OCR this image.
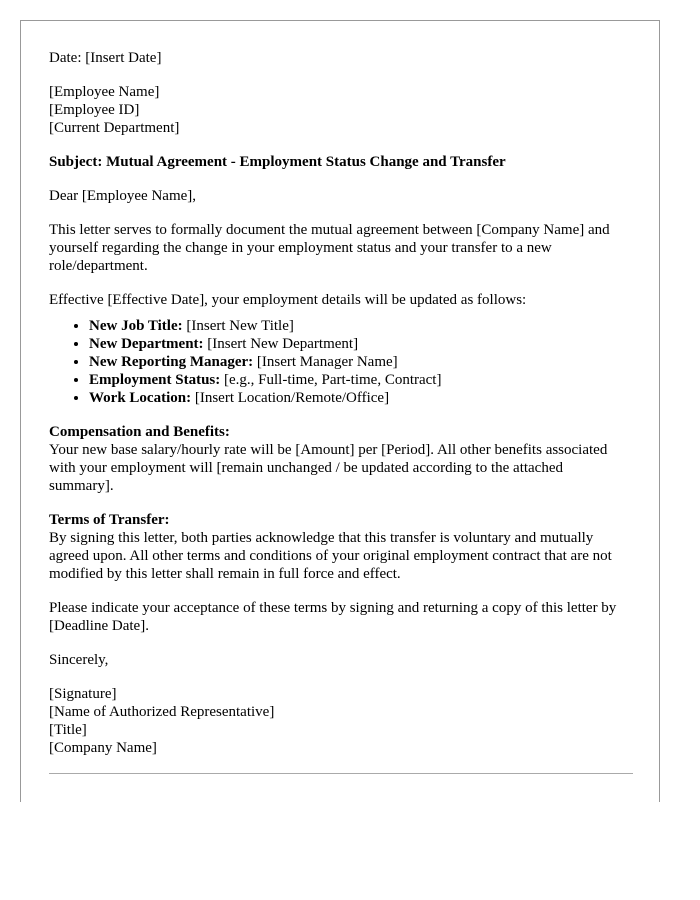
Date: [Insert Date]
[Employee Name]
[Employee ID]
[Current Department]
Subject: Mutual Agreement - Employment Status Change and Transfer
Dear [Employee Name],
This letter serves to formally document the mutual agreement between [Company Name] and yourself regarding the change in your employment status and your transfer to a new role/department.
Effective [Effective Date], your employment details will be updated as follows:
• New Job Title: [Insert New Title]
• New Department: [Insert New Department]
• New Reporting Manager: [Insert Manager Name]
• Employment Status: [e.g., Full-time, Part-time, Contract]
• Work Location: [Insert Location/Remote/Office]
Compensation and Benefits:
Your new base salary/hourly rate will be [Amount] per [Period]. All other benefits associated with your employment will [remain unchanged / be updated according to the attached summary].
Terms of Transfer:
By signing this letter, both parties acknowledge that this transfer is voluntary and mutually agreed upon. All other terms and conditions of your original employment contract that are not modified by this letter shall remain in full force and effect.
Please indicate your acceptance of these terms by signing and returning a copy of this letter by [Deadline Date].
Sincerely,
[Signature]
[Name of Authorized Representative]
[Title]
[Company Name]
